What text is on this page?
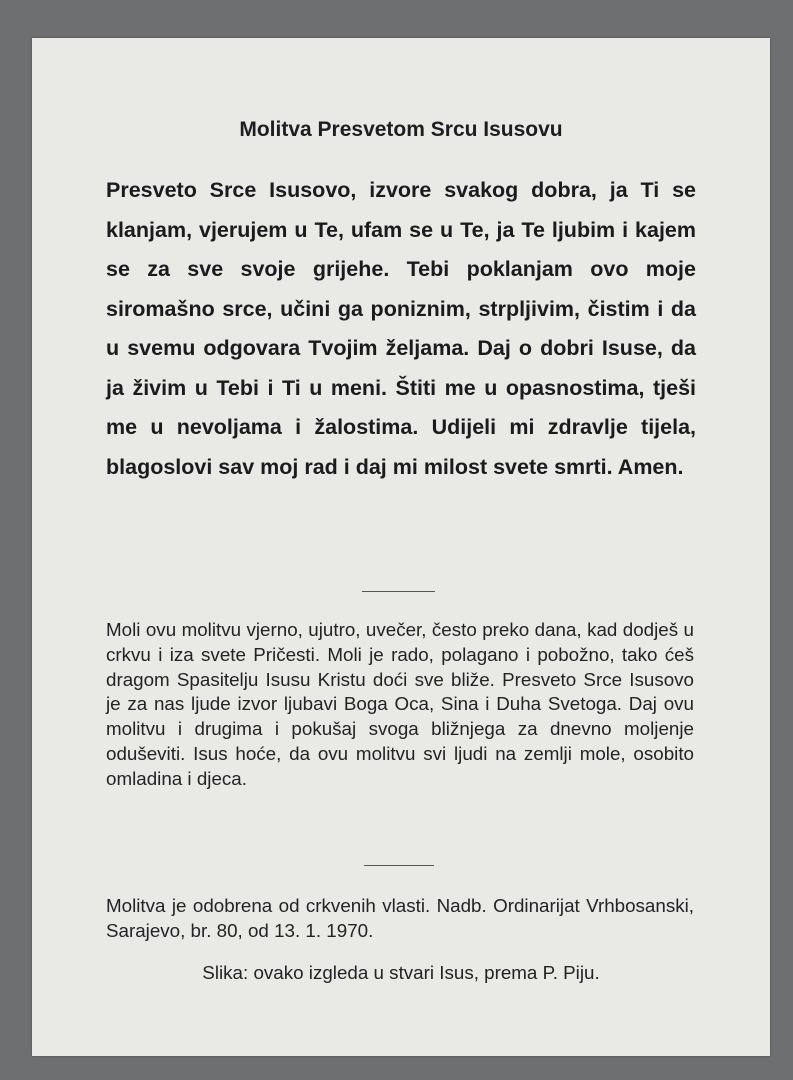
Molitva Presvetom Srcu Isusovu

Presveto Srce Isusovo, izvore svakog dobra, ja Ti se klanjam, vjerujem u Te, ufam se u Te, ja Te ljubim i kajem se za sve svoje grijehe. Tebi poklanjam ovo moje siromašno srce, učini ga poniznim, strpljivim, čistim i da u svemu odgovara Tvojim željama. Daj o dobri Isuse, da ja živim u Tebi i Ti u meni. Štiti me u opasnostima, tješi me u nevoljama i žalostima. Udijeli mi zdravlje tijela, blagoslovi sav moj rad i daj mi milost svete smrti. Amen.

Moli ovu molitvu vjerno, ujutro, uvečer, često preko dana, kad dodješ u crkvu i iza svete Pričesti. Moli je rado, polagano i pobožno, tako ćeš dragom Spasitelju Isusu Kristu doći sve bliže. Presveto Srce Isusovo je za nas ljude izvor ljubavi Boga Oca, Sina i Duha Svetoga. Daj ovu molitvu i drugima i pokušaj svoga bližnjega za dnevno moljenje oduševiti. Isus hoće, da ovu molitvu svi ljudi na zemlji mole, osobito omladina i djeca.

Molitva je odobrena od crkvenih vlasti. Nadb. Ordinarijat Vrhbosanski, Sarajevo, br. 80, od 13. 1. 1970.

Slika: ovako izgleda u stvari Isus, prema P. Piju.
